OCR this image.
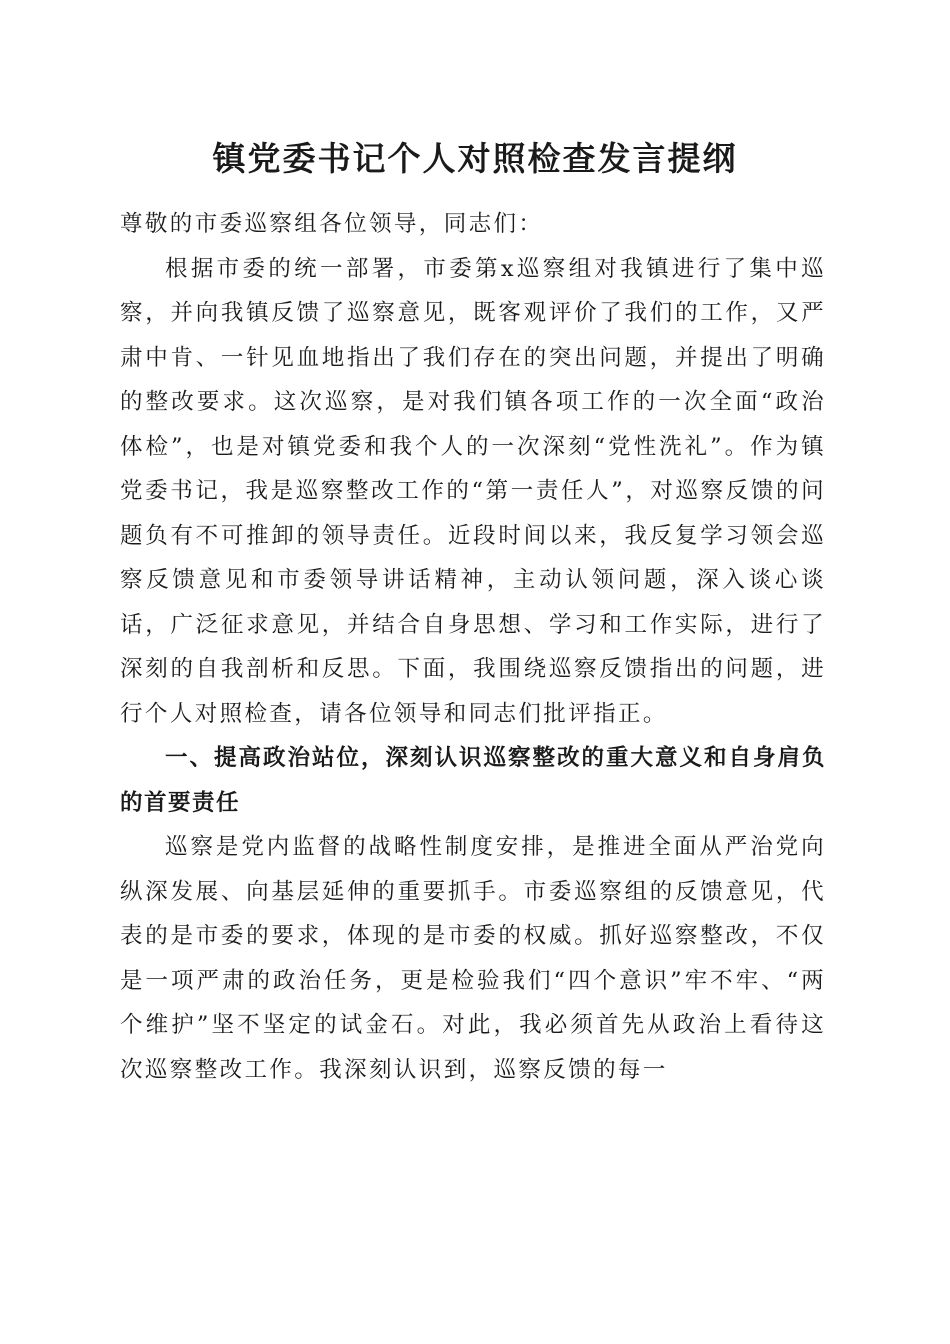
镇党委书记个人对照检查发言提纲

尊敬的市委巡察组各位领导，同志们：

根据市委的统一部署，市委第x巡察组对我镇进行了集中巡察，并向我镇反馈了巡察意见，既客观评价了我们的工作，又严肃中肯、一针见血地指出了我们存在的突出问题，并提出了明确的整改要求。这次巡察，是对我们镇各项工作的一次全面“政治体检”，也是对镇党委和我个人的一次深刻“党性洗礼”。作为镇党委书记，我是巡察整改工作的“第一责任人”，对巡察反馈的问题负有不可推卸的领导责任。近段时间以来，我反复学习领会巡察反馈意见和市委领导讲话精神，主动认领问题，深入谈心谈话，广泛征求意见，并结合自身思想、学习和工作实际，进行了深刻的自我剖析和反思。下面，我围绕巡察反馈指出的问题，进行个人对照检查，请各位领导和同志们批评指正。

一、提高政治站位，深刻认识巡察整改的重大意义和自身肩负的首要责任

巡察是党内监督的战略性制度安排，是推进全面从严治党向纵深发展、向基层延伸的重要抓手。市委巡察组的反馈意见，代表的是市委的要求，体现的是市委的权威。抓好巡察整改，不仅是一项严肃的政治任务，更是检验我们“四个意识”牢不牢、“两个维护”坚不坚定的试金石。对此，我必须首先从政治上看待这次巡察整改工作。我深刻认识到，巡察反馈的每一
